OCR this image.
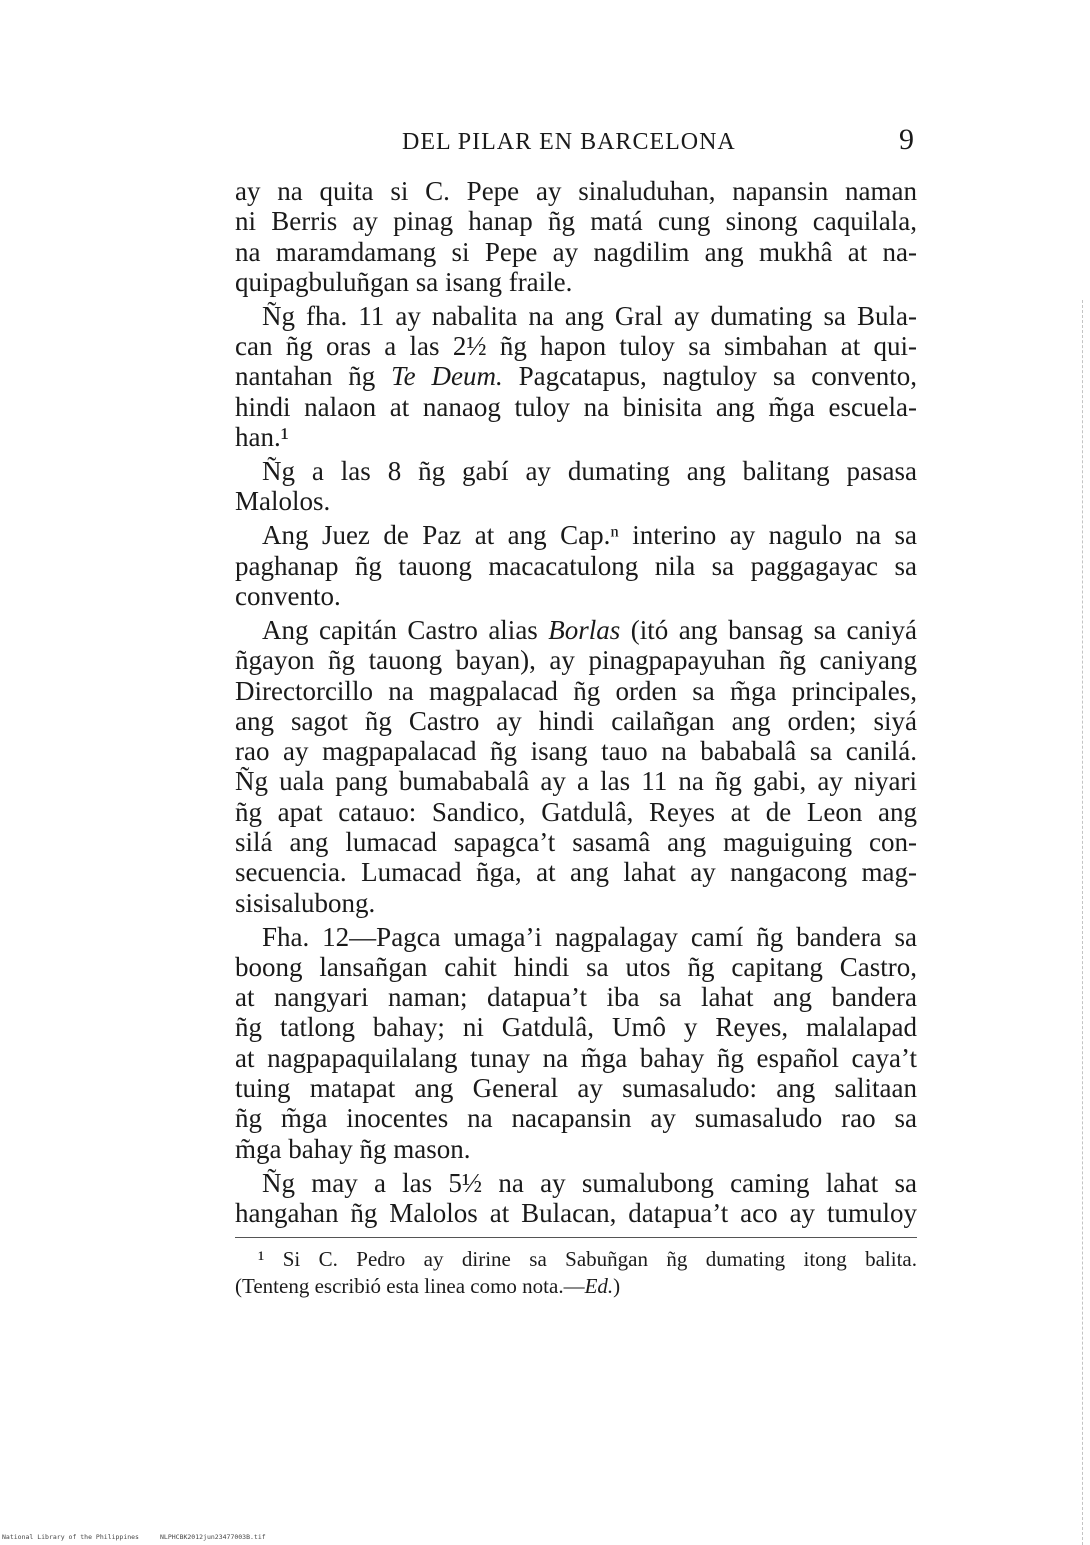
DEL PILAR EN BARCELONA	9
ay na quita si C. Pepe ay sinaluduhan, napansin naman
ni Berris ay pinag hanap ñg matá cung sinong caquilala,
na maramdamang si Pepe ay nagdilim ang mukhâ at na-
quipagbuluñgan sa isang fraile.
Ñg fha. 11 ay nabalita na ang Gral ay dumating sa Bula-
can ñg oras a las 2½ ñg hapon tuloy sa simbahan at qui-
nantahan ñg Te Deum. Pagcatapus, nagtuloy sa convento,
hindi nalaon at nanaog tuloy na binisita ang m̃ga escuela-
han.¹
Ñg a las 8 ñg gabí ay dumating ang balitang pasasa
Malolos.
Ang Juez de Paz at ang Cap.ⁿ interino ay nagulo na sa
paghanap ñg tauong macacatulong nila sa paggagayac sa
convento.
Ang capitán Castro alias Borlas (itó ang bansag sa caniyá
ñgayon ñg tauong bayan), ay pinagpapayuhan ñg caniyang
Directorcillo na magpalacad ñg orden sa m̃ga principales,
ang sagot ñg Castro ay hindi cailañgan ang orden; siyá
rao ay magpapalacad ñg isang tauo na bababalâ sa canilá.
Ñg uala pang bumababalâ ay a las 11 na ñg gabi, ay niyari
ñg apat catauo: Sandico, Gatdulâ, Reyes at de Leon ang
silá ang lumacad sapagca’t sasamâ ang maguiguing con-
secuencia. Lumacad ñga, at ang lahat ay nangacong mag-
sisisalubong.
Fha. 12—Pagca umaga’i nagpalagay camí ñg bandera sa
boong lansañgan cahit hindi sa utos ñg capitang Castro,
at nangyari naman; datapua’t iba sa lahat ang bandera
ñg tatlong bahay; ni Gatdulâ, Umô y Reyes, malalapad
at nagpapaquilalang tunay na m̃ga bahay ñg español caya’t
tuing matapat ang General ay sumasaludo: ang salitaan
ñg m̃ga inocentes na nacapansin ay sumasaludo rao sa
m̃ga bahay ñg mason.
Ñg may a las 5½ na ay sumalubong caming lahat sa
hangahan ñg Malolos at Bulacan, datapua’t aco ay tumuloy
¹ Si C. Pedro ay dirine sa Sabuñgan ñg dumating itong balita.
(Tenteng escribió esta linea como nota.—Ed.)
National Library of the Philippines	NLPHCBK2012jun23477003B.tif
